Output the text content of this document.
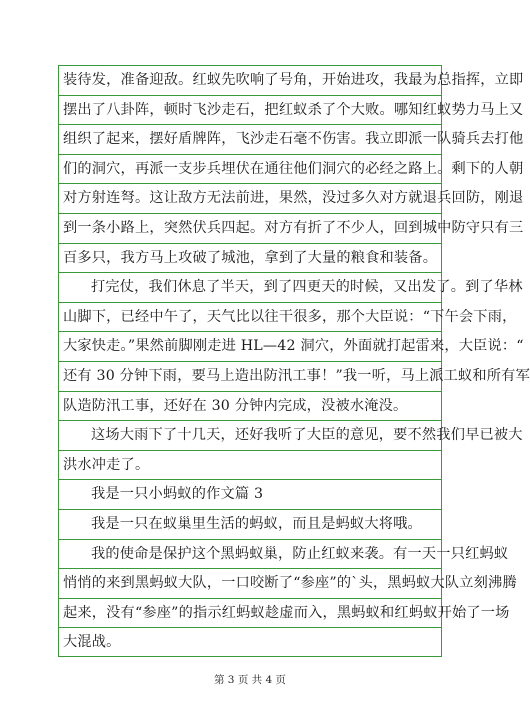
装待发，准备迎敌。红蚁先吹响了号角，开始进攻，我最为总指挥，立即
摆出了八卦阵，顿时飞沙走石，把红蚁杀了个大败。哪知红蚁势力马上又
组织了起来，摆好盾牌阵，飞沙走石毫不伤害。我立即派一队骑兵去打他
们的洞穴，再派一支步兵埋伏在通往他们洞穴的必经之路上。剩下的人朝
对方射连弩。这让敌方无法前进，果然，没过多久对方就退兵回防，刚退
到一条小路上，突然伏兵四起。对方有折了不少人，回到城中防守只有三
百多只，我方马上攻破了城池，拿到了大量的粮食和装备。
打完仗，我们休息了半天，到了四更天的时候，又出发了。到了华林
山脚下，已经中午了，天气比以往干很多，那个大臣说：“下午会下雨，
大家快走。”果然前脚刚走进 HL—42 洞穴，外面就打起雷来，大臣说：“
还有 30 分钟下雨，要马上造出防汛工事！”我一听，马上派工蚁和所有军
队造防汛工事，还好在 30 分钟内完成，没被水淹没。
这场大雨下了十几天，还好我听了大臣的意见，要不然我们早已被大
洪水冲走了。
我是一只小蚂蚁的作文篇 3
我是一只在蚁巢里生活的蚂蚁，而且是蚂蚁大将哦。
我的使命是保护这个黑蚂蚁巢，防止红蚁来袭。有一天一只红蚂蚁
悄悄的来到黑蚂蚁大队，一口咬断了“参座”的`头，黑蚂蚁大队立刻沸腾
起来，没有“参座”的指示红蚂蚁趁虚而入，黑蚂蚁和红蚂蚁开始了一场
大混战。
第 3 页 共 4 页
